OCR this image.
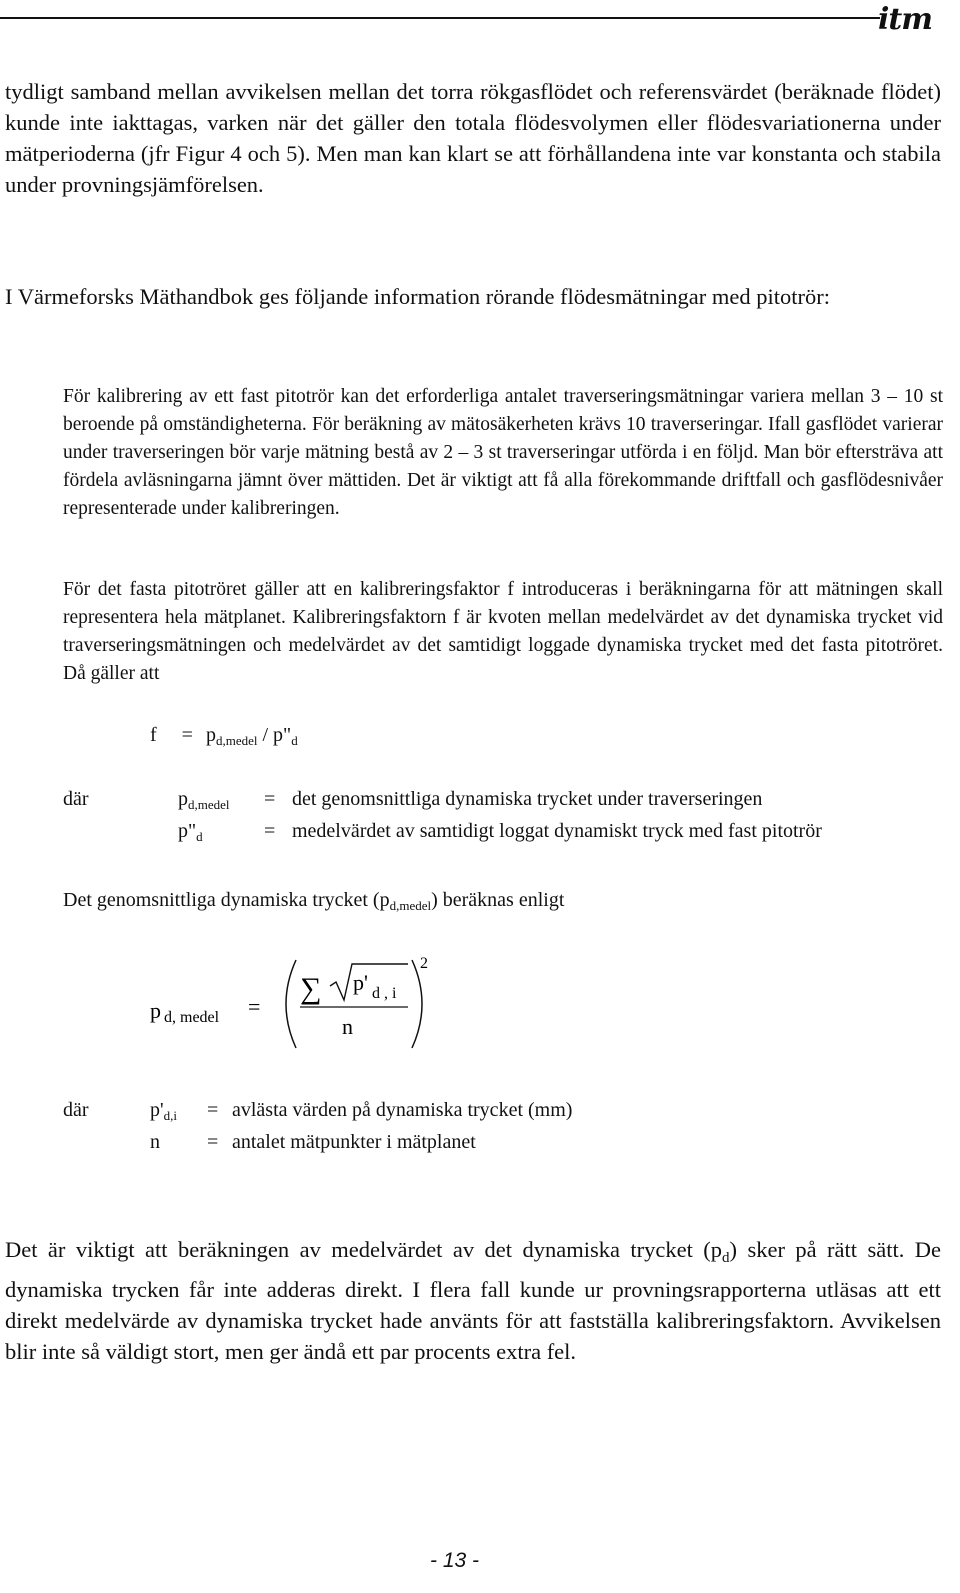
itm

tydligt samband mellan avvikelsen mellan det torra rökgasflödet och referensvärdet (beräknade flödet) kunde inte iakttagas, varken när det gäller den totala flödesvolymen eller flödesvariationerna under mätperioderna (jfr Figur 4 och 5). Men man kan klart se att förhållandena inte var konstanta och stabila under provningsjämförelsen.

I Värmeforsks Mäthandbok ges följande information rörande flödesmätningar med pitotrör:

För kalibrering av ett fast pitotrör kan det erforderliga antalet traverseringsmätningar variera mellan 3 – 10 st beroende på omständigheterna. För beräkning av mätosäkerheten krävs 10 traverseringar. Ifall gasflödet varierar under traverseringen bör varje mätning bestå av 2 – 3 st traverseringar utförda i en följd. Man bör eftersträva att fördela avläsningarna jämnt över mättiden. Det är viktigt att få alla förekommande driftfall och gasflödesnivåer representerade under kalibreringen.

För det fasta pitotröret gäller att en kalibreringsfaktor f introduceras i beräkningarna för att mätningen skall representera hela mätplanet. Kalibreringsfaktorn f är kvoten mellan medelvärdet av det dynamiska trycket vid traverseringsmätningen och medelvärdet av det samtidigt loggade dynamiska trycket med det fasta pitotröret. Då gäller att

$f = p_{d,medel}$ / $p"_d$
där	$p_{d,medel} = \det$ genomsnittliga dynamiska trycket under traverseringen
$p"_d$	= medelvärdet av samtidigt loggat dynamiskt tryck med fast pitotrör
Det genomsnittliga dynamiska trycket $(p_{d,medel})$ beräknas enligt
p d, medel =
∑ p' d , i
n
2
där	$p'_{d,i}$ = avlästa värden på dynamiska trycket (mm)
n = antalet mätpunkter i mätplanet

Det är viktigt att beräkningen av medelvärdet av det dynamiska trycket $(p_d)$ sker på rätt sätt. De dynamiska trycken får inte adderas direkt. I flera fall kunde ur provningsrapporterna utläsas att ett direkt medelvärde av dynamiska trycket hade använts för att fastställa kalibreringsfaktorn. Avvikelsen blir inte så väldigt stort, men ger ändå ett par procents extra fel.

- 13 -
